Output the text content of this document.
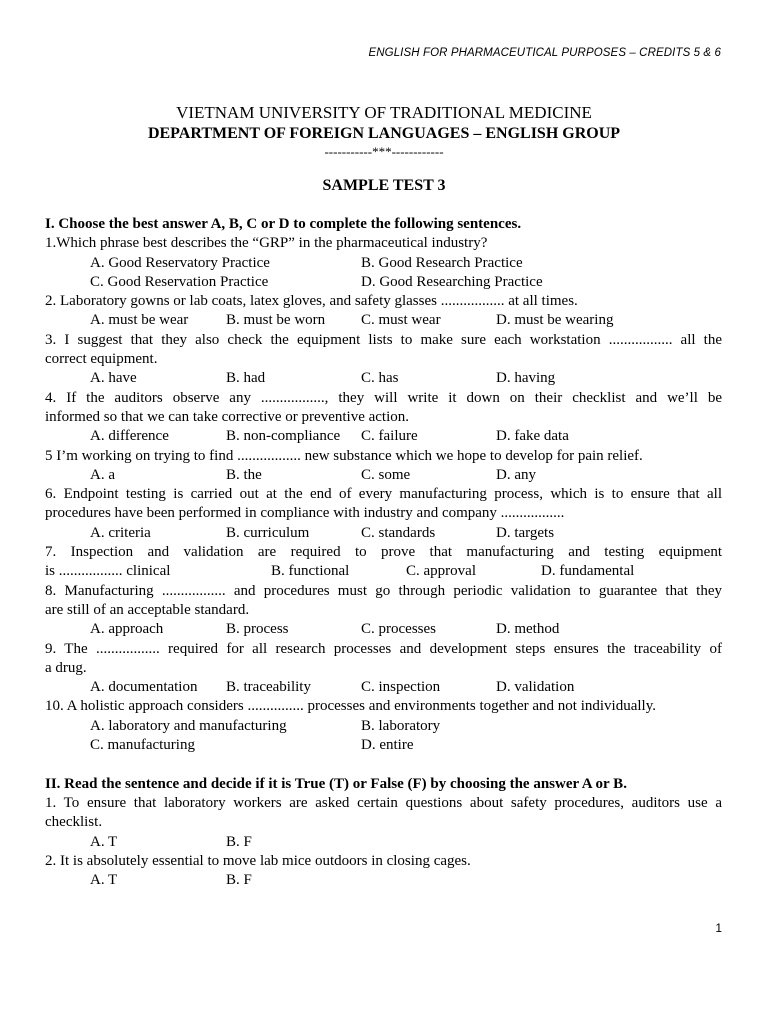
ENGLISH FOR PHARMACEUTICAL PURPOSES – CREDITS 5 & 6
VIETNAM UNIVERSITY OF TRADITIONAL MEDICINE
DEPARTMENT OF FOREIGN LANGUAGES – ENGLISH GROUP
-----------***------------
SAMPLE TEST 3
I. Choose the best answer A, B, C or D to complete the following sentences.
1.Which phrase best describes the “GRP” in the pharmaceutical industry?
A. Good Reservatory Practice	B. Good Research Practice
C. Good Reservation Practice	D. Good Researching Practice
2. Laboratory gowns or lab coats, latex gloves, and safety glasses ................. at all times.
A. must be wear	B. must be worn C. must wear	D. must be wearing
3. I suggest that they also check the equipment lists to make sure each workstation ................. all the
correct equipment.
A. have	B. had	C. has	D. having
4. If the auditors observe any ................., they will write it down on their checklist and we’ll be
informed so that we can take corrective or preventive action.
A. difference	B. non-compliance C. failure	D. fake data
5 I’m working on trying to find ................. new substance which we hope to develop for pain relief.
A. a	B. the	C. some	D. any
6. Endpoint testing is carried out at the end of every manufacturing process, which is to ensure that all
procedures have been performed in compliance with industry and company .................
A. criteria	B. curriculum	C. standards	D. targets
7. Inspection and validation are required to prove that manufacturing and testing equipment
is ................. clinical	B. functional	C. approval	D. fundamental
8. Manufacturing ................. and procedures must go through periodic validation to guarantee that they
are still of an acceptable standard.
A. approach	B. process	C. processes	D. method
9. The ................. required for all research processes and development steps ensures the traceability of
a drug.
A. documentation B. traceability	C. inspection	D. validation
10. A holistic approach considers ............... processes and environments together and not individually.
A. laboratory and manufacturing	B. laboratory
C. manufacturing	D. entire
II. Read the sentence and decide if it is True (T) or False (F) by choosing the answer A or B.
1. To ensure that laboratory workers are asked certain questions about safety procedures, auditors use a
checklist.
A. T	B. F
2. It is absolutely essential to move lab mice outdoors in closing cages.
A. T	B. F
1
